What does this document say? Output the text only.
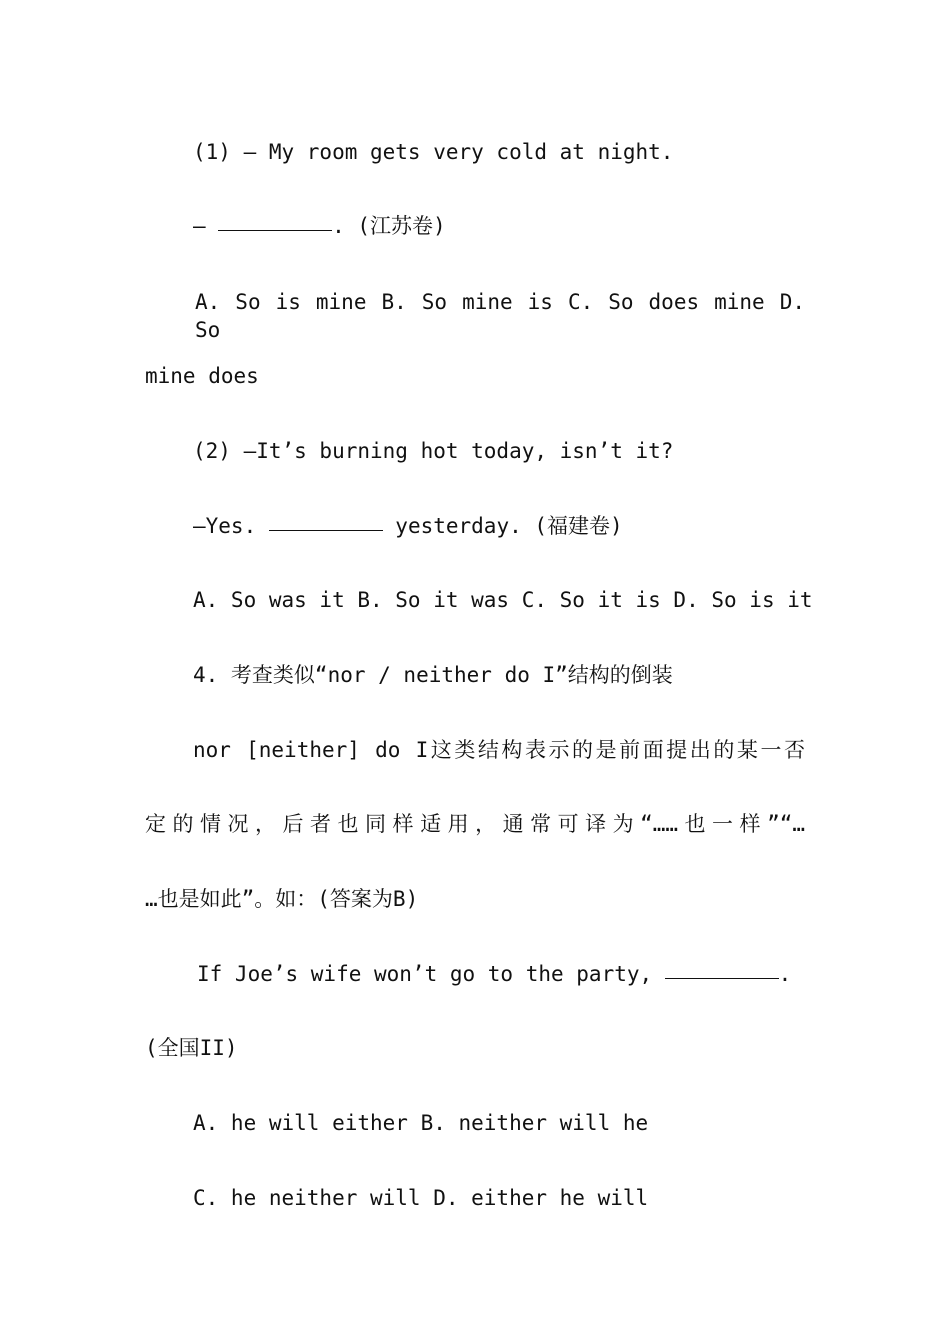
(1) — My room gets very cold at night.
—	. (江苏卷)
A. So is mine B. So mine is C. So does mine D. So
mine does
(2) —It’s burning hot today, isn’t it?
—Yes.	yesterday. (福建卷)
A. So was it B. So it was C. So it is D. So is it
4. 考查类似“nor / neither do I”结构的倒装
nor [neither] do I这类结构表示的是前面提出的某一否
定的情况，后者也同样适用，通常可译为“……也一样”“…
…也是如此”。如：(答案为B)
If Joe’s wife won’t go to the party,	.
(全国II)
A. he will either B. neither will he
C. he neither will D. either he will
